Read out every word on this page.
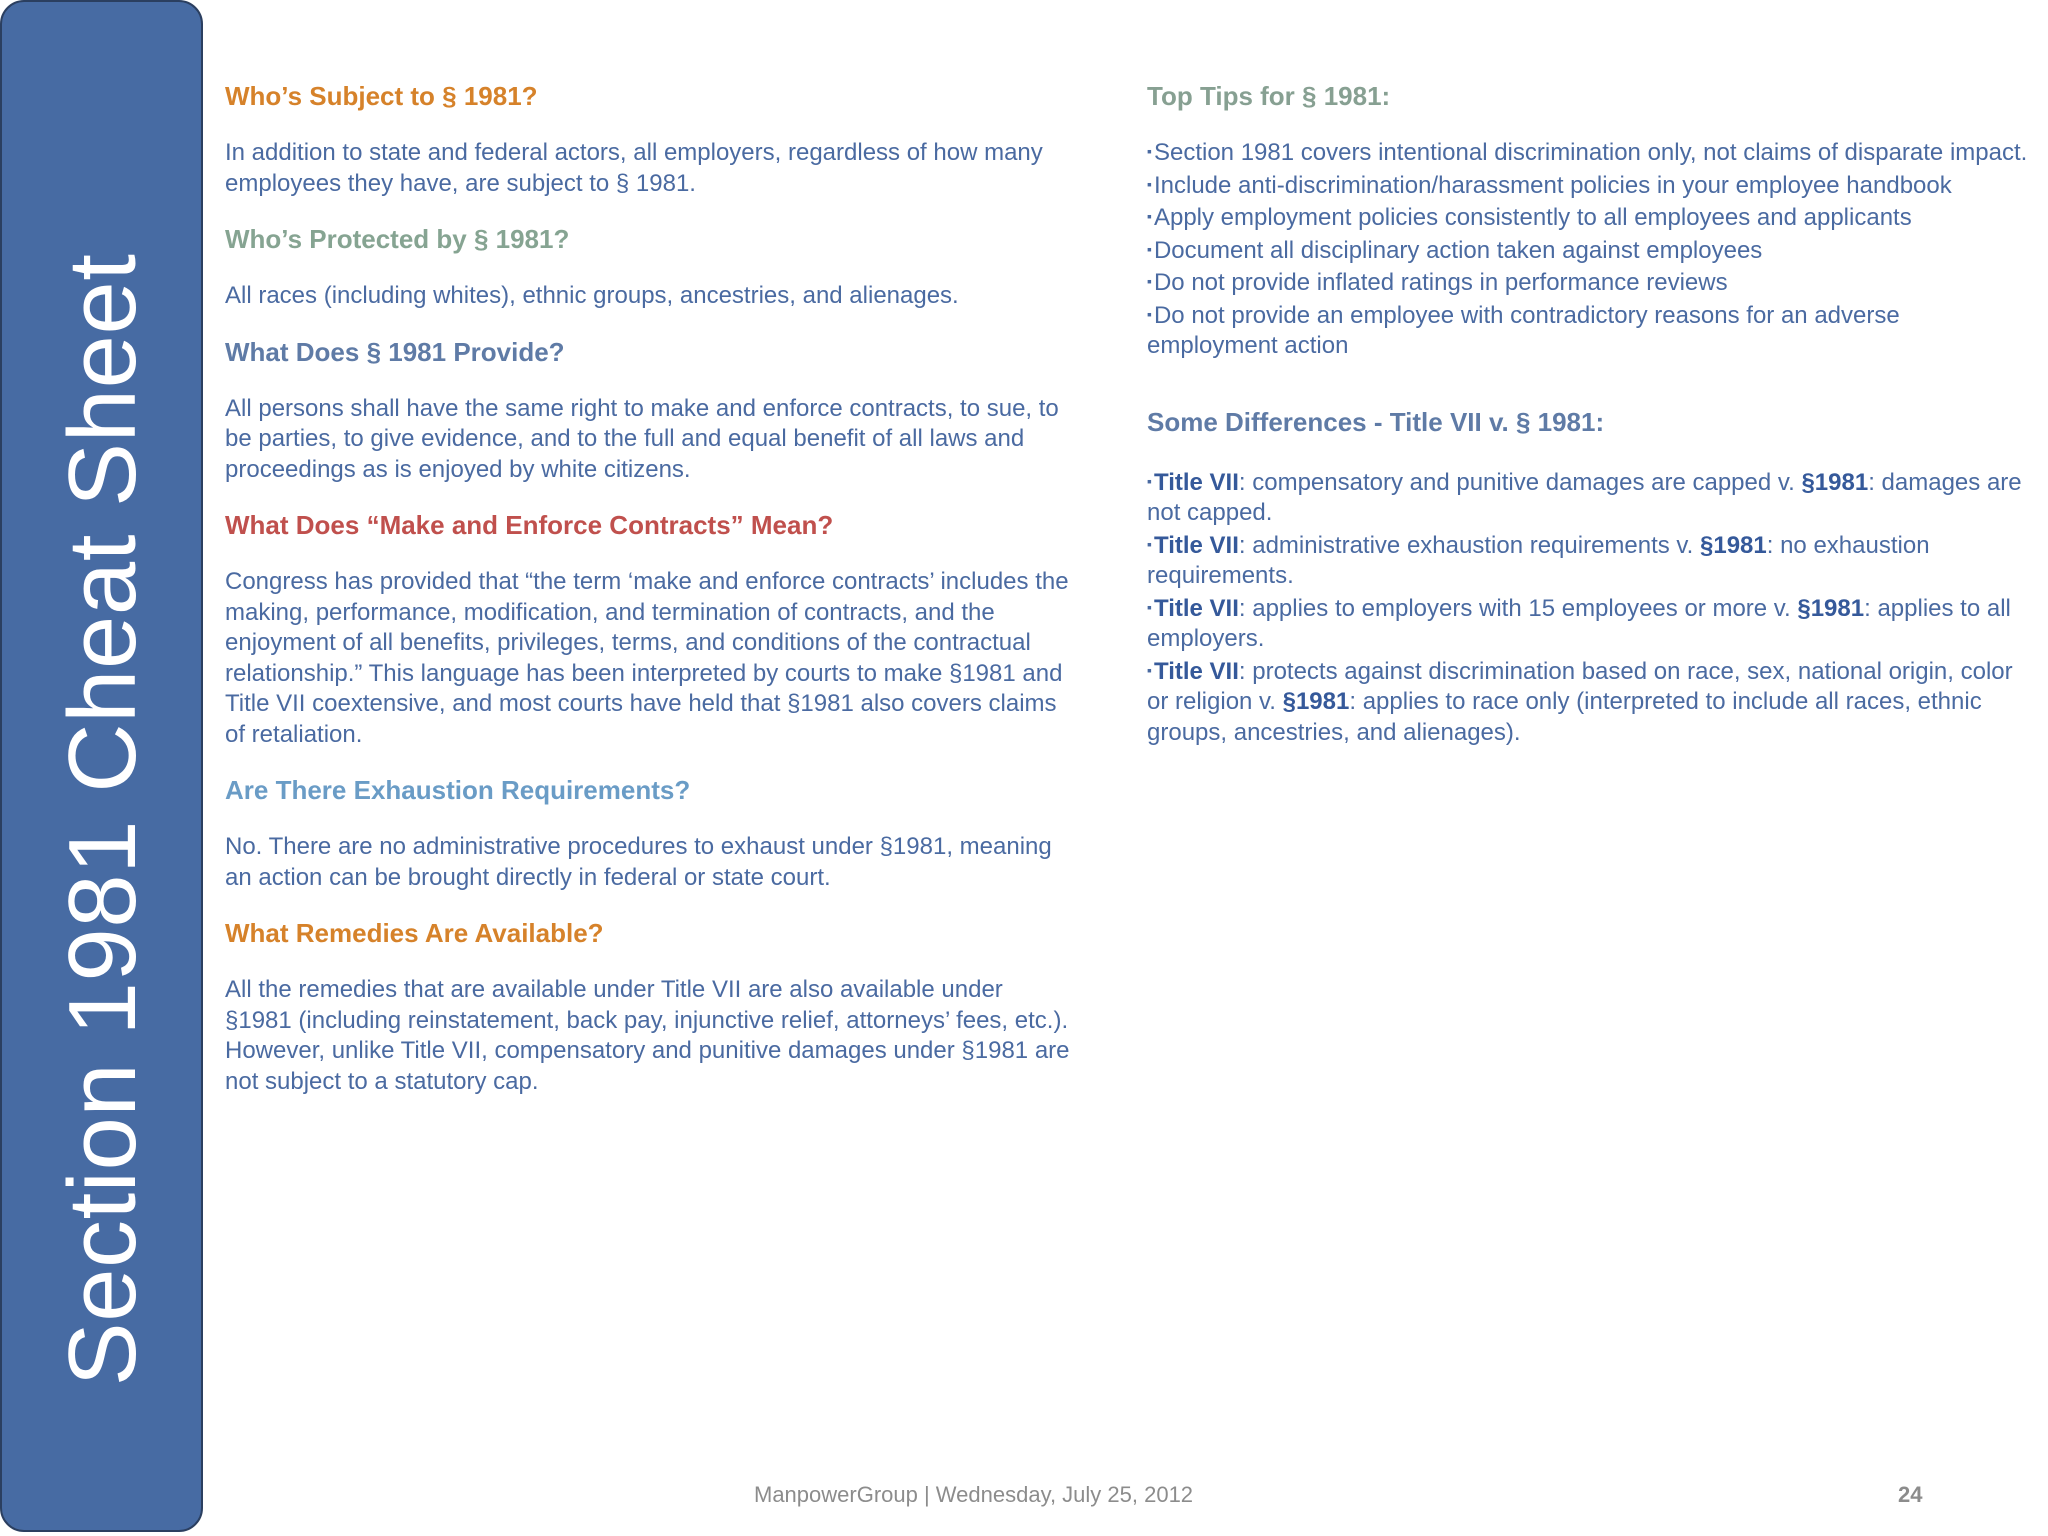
Section 1981 Cheat Sheet
Who’s Subject to § 1981?

In addition to state and federal actors, all employers, regardless of how many employees they have, are subject to § 1981.

Who’s Protected by § 1981?

All races (including whites), ethnic groups, ancestries, and alienages.

What Does § 1981 Provide?

All persons shall have the same right to make and enforce contracts, to sue, to be parties, to give evidence, and to the full and equal benefit of all laws and proceedings as is enjoyed by white citizens.

What Does “Make and Enforce Contracts” Mean?

Congress has provided that “the term ‘make and enforce contracts’ includes the making, performance, modification, and termination of contracts, and the enjoyment of all benefits, privileges, terms, and conditions of the contractual relationship.” This language has been interpreted by courts to make §1981 and Title VII coextensive, and most courts have held that §1981 also covers claims of retaliation.

Are There Exhaustion Requirements?

No. There are no administrative procedures to exhaust under §1981, meaning an action can be brought directly in federal or state court.

What Remedies Are Available?

All the remedies that are available under Title VII are also available under §1981 (including reinstatement, back pay, injunctive relief, attorneys’ fees, etc.). However, unlike Title VII, compensatory and punitive damages under §1981 are not subject to a statutory cap.

Top Tips for § 1981:
▪Section 1981 covers intentional discrimination only, not claims of disparate impact.
▪Include anti-discrimination/harassment policies in your employee handbook
▪Apply employment policies consistently to all employees and applicants
▪Document all disciplinary action taken against employees
▪Do not provide inflated ratings in performance reviews
▪Do not provide an employee with contradictory reasons for an adverse employment action
Some Differences - Title VII v. § 1981:
▪Title VII: compensatory and punitive damages are capped v. §1981: damages are not capped.
▪Title VII: administrative exhaustion requirements v. §1981: no exhaustion requirements.
▪Title VII: applies to employers with 15 employees or more v. §1981: applies to all employers.
▪Title VII: protects against discrimination based on race, sex, national origin, color or religion v. §1981: applies to race only (interpreted to include all races, ethnic groups, ancestries, and alienages).
ManpowerGroup | Wednesday, July 25, 2012	24
